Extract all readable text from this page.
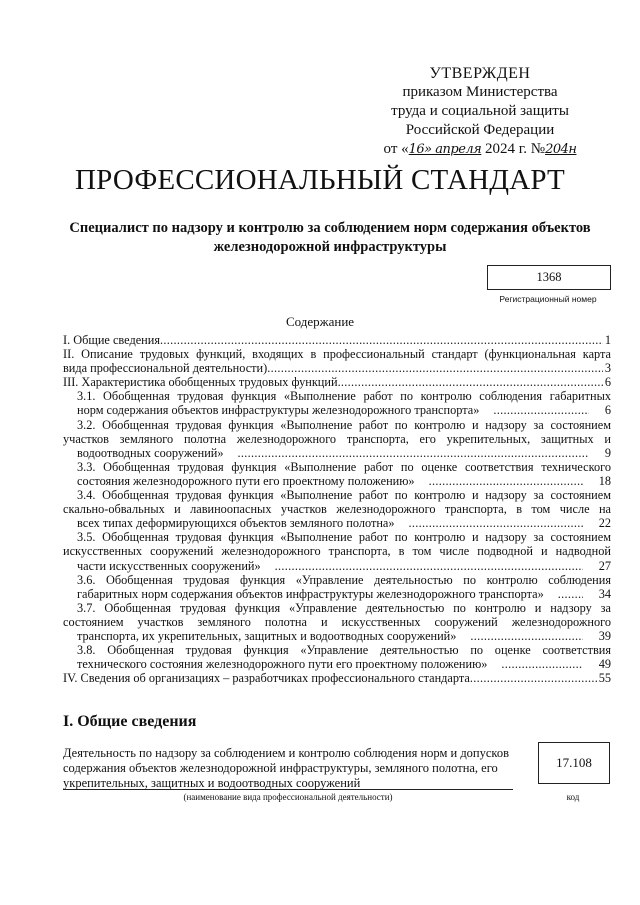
УТВЕРЖДЕН
приказом Министерства
труда и социальной защиты
Российской Федерации
от «16» апреля 2024 г. №204н
ПРОФЕССИОНАЛЬНЫЙ СТАНДАРТ
Специалист по надзору и контролю за соблюдением норм содержания объектов железнодорожной инфраструктуры
1368
Регистрационный номер
Содержание
I. Общие сведения .....	1
II. Описание трудовых функций, входящих в профессиональный стандарт (функциональная карта
вида профессиональной деятельности) .....	3
III. Характеристика обобщенных трудовых функций .....	6
3.1. Обобщенная трудовая функция «Выполнение работ по контролю соблюдения габаритных
норм содержания объектов инфраструктуры железнодорожного транспорта» .....	6
3.2. Обобщенная трудовая функция «Выполнение работ по контролю и надзору за состоянием участков земляного полотна железнодорожного транспорта, его укрепительных, защитных и
водоотводных сооружений» .....	9
3.3. Обобщенная трудовая функция «Выполнение работ по оценке соответствия технического
состояния железнодорожного пути его проектному положению» .....	18
3.4. Обобщенная трудовая функция «Выполнение работ по контролю и надзору за состоянием скально-обвальных и лавиноопасных участков железнодорожного транспорта, в том числе на
всех типах деформирующихся объектов земляного полотна» .....	22
3.5. Обобщенная трудовая функция «Выполнение работ по контролю и надзору за состоянием искусственных сооружений железнодорожного транспорта, в том числе подводной и надводной
части искусственных сооружений» .....	27
3.6. Обобщенная трудовая функция «Управление деятельностью по контролю соблюдения
габаритных норм содержания объектов инфраструктуры железнодорожного транспорта» .....	34
3.7. Обобщенная трудовая функция «Управление деятельностью по контролю и надзору за состоянием участков земляного полотна и искусственных сооружений железнодорожного
транспорта, их укрепительных, защитных и водоотводных сооружений» .....	39
3.8. Обобщенная трудовая функция «Управление деятельностью по оценке соответствия
технического состояния железнодорожного пути его проектному положению» .....	49
IV. Сведения об организациях – разработчиках профессионального стандарта .....	55
I. Общие сведения
Деятельность по надзору за соблюдением и контролю соблюдения норм и допусков содержания объектов железнодорожной инфраструктуры, земляного полотна, его укрепительных, защитных и водоотводных сооружений
(наименование вида профессиональной деятельности)
17.108
код
